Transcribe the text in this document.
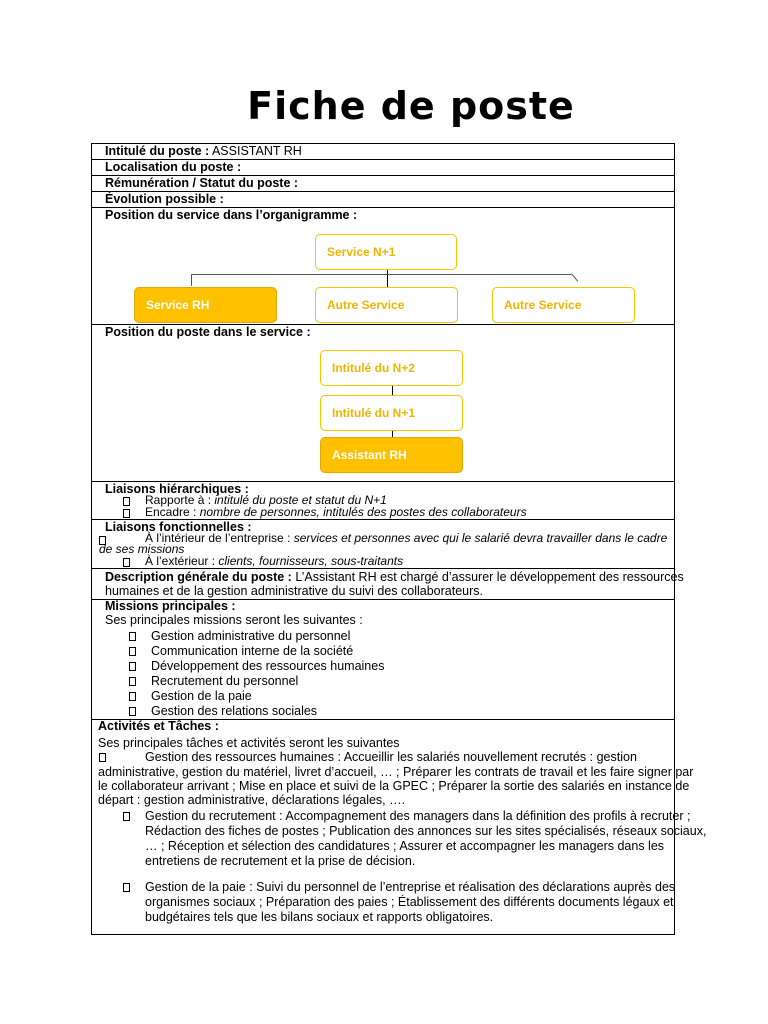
Fiche de poste
Intitulé du poste : ASSISTANT RH
Localisation du poste :
Rémunération / Statut du poste :
Évolution possible :
Position du service dans l’organigramme :
Service N+1
Service RH	Autre Service	Autre Service
Position du poste dans le service :
Intitulé du N+2
Intitulé du N+1
Assistant RH
Liaisons hiérarchiques :
Rapporte à : intitulé du poste et statut du N+1
Encadre : nombre de personnes, intitulés des postes des collaborateurs
Liaisons fonctionnelles :
À l’intérieur de l’entreprise : services et personnes avec qui le salarié devra travailler dans le cadre
de ses missions
À l’extérieur : clients, fournisseurs, sous-traitants
Description générale du poste : L’Assistant RH est chargé d’assurer le développement des ressources
humaines et de la gestion administrative du suivi des collaborateurs.
Missions principales :
Ses principales missions seront les suivantes :
Gestion administrative du personnel
Communication interne de la société
Développement des ressources humaines
Recrutement du personnel
Gestion de la paie
Gestion des relations sociales
Activités et Tâches :
Ses principales tâches et activités seront les suivantes
Gestion des ressources humaines : Accueillir les salariés nouvellement recrutés : gestion
administrative, gestion du matériel, livret d’accueil, … ; Préparer les contrats de travail et les faire signer par
le collaborateur arrivant ; Mise en place et suivi de la GPEC ; Préparer la sortie des salariés en instance de
départ : gestion administrative, déclarations légales, ….
Gestion du recrutement : Accompagnement des managers dans la définition des profils à recruter ;
Rédaction des fiches de postes ; Publication des annonces sur les sites spécialisés, réseaux sociaux,
… ; Réception et sélection des candidatures ; Assurer et accompagner les managers dans les
entretiens de recrutement et la prise de décision.
Gestion de la paie : Suivi du personnel de l’entreprise et réalisation des déclarations auprès des
organismes sociaux ; Préparation des paies ; Établissement des différents documents légaux et
budgétaires tels que les bilans sociaux et rapports obligatoires.
